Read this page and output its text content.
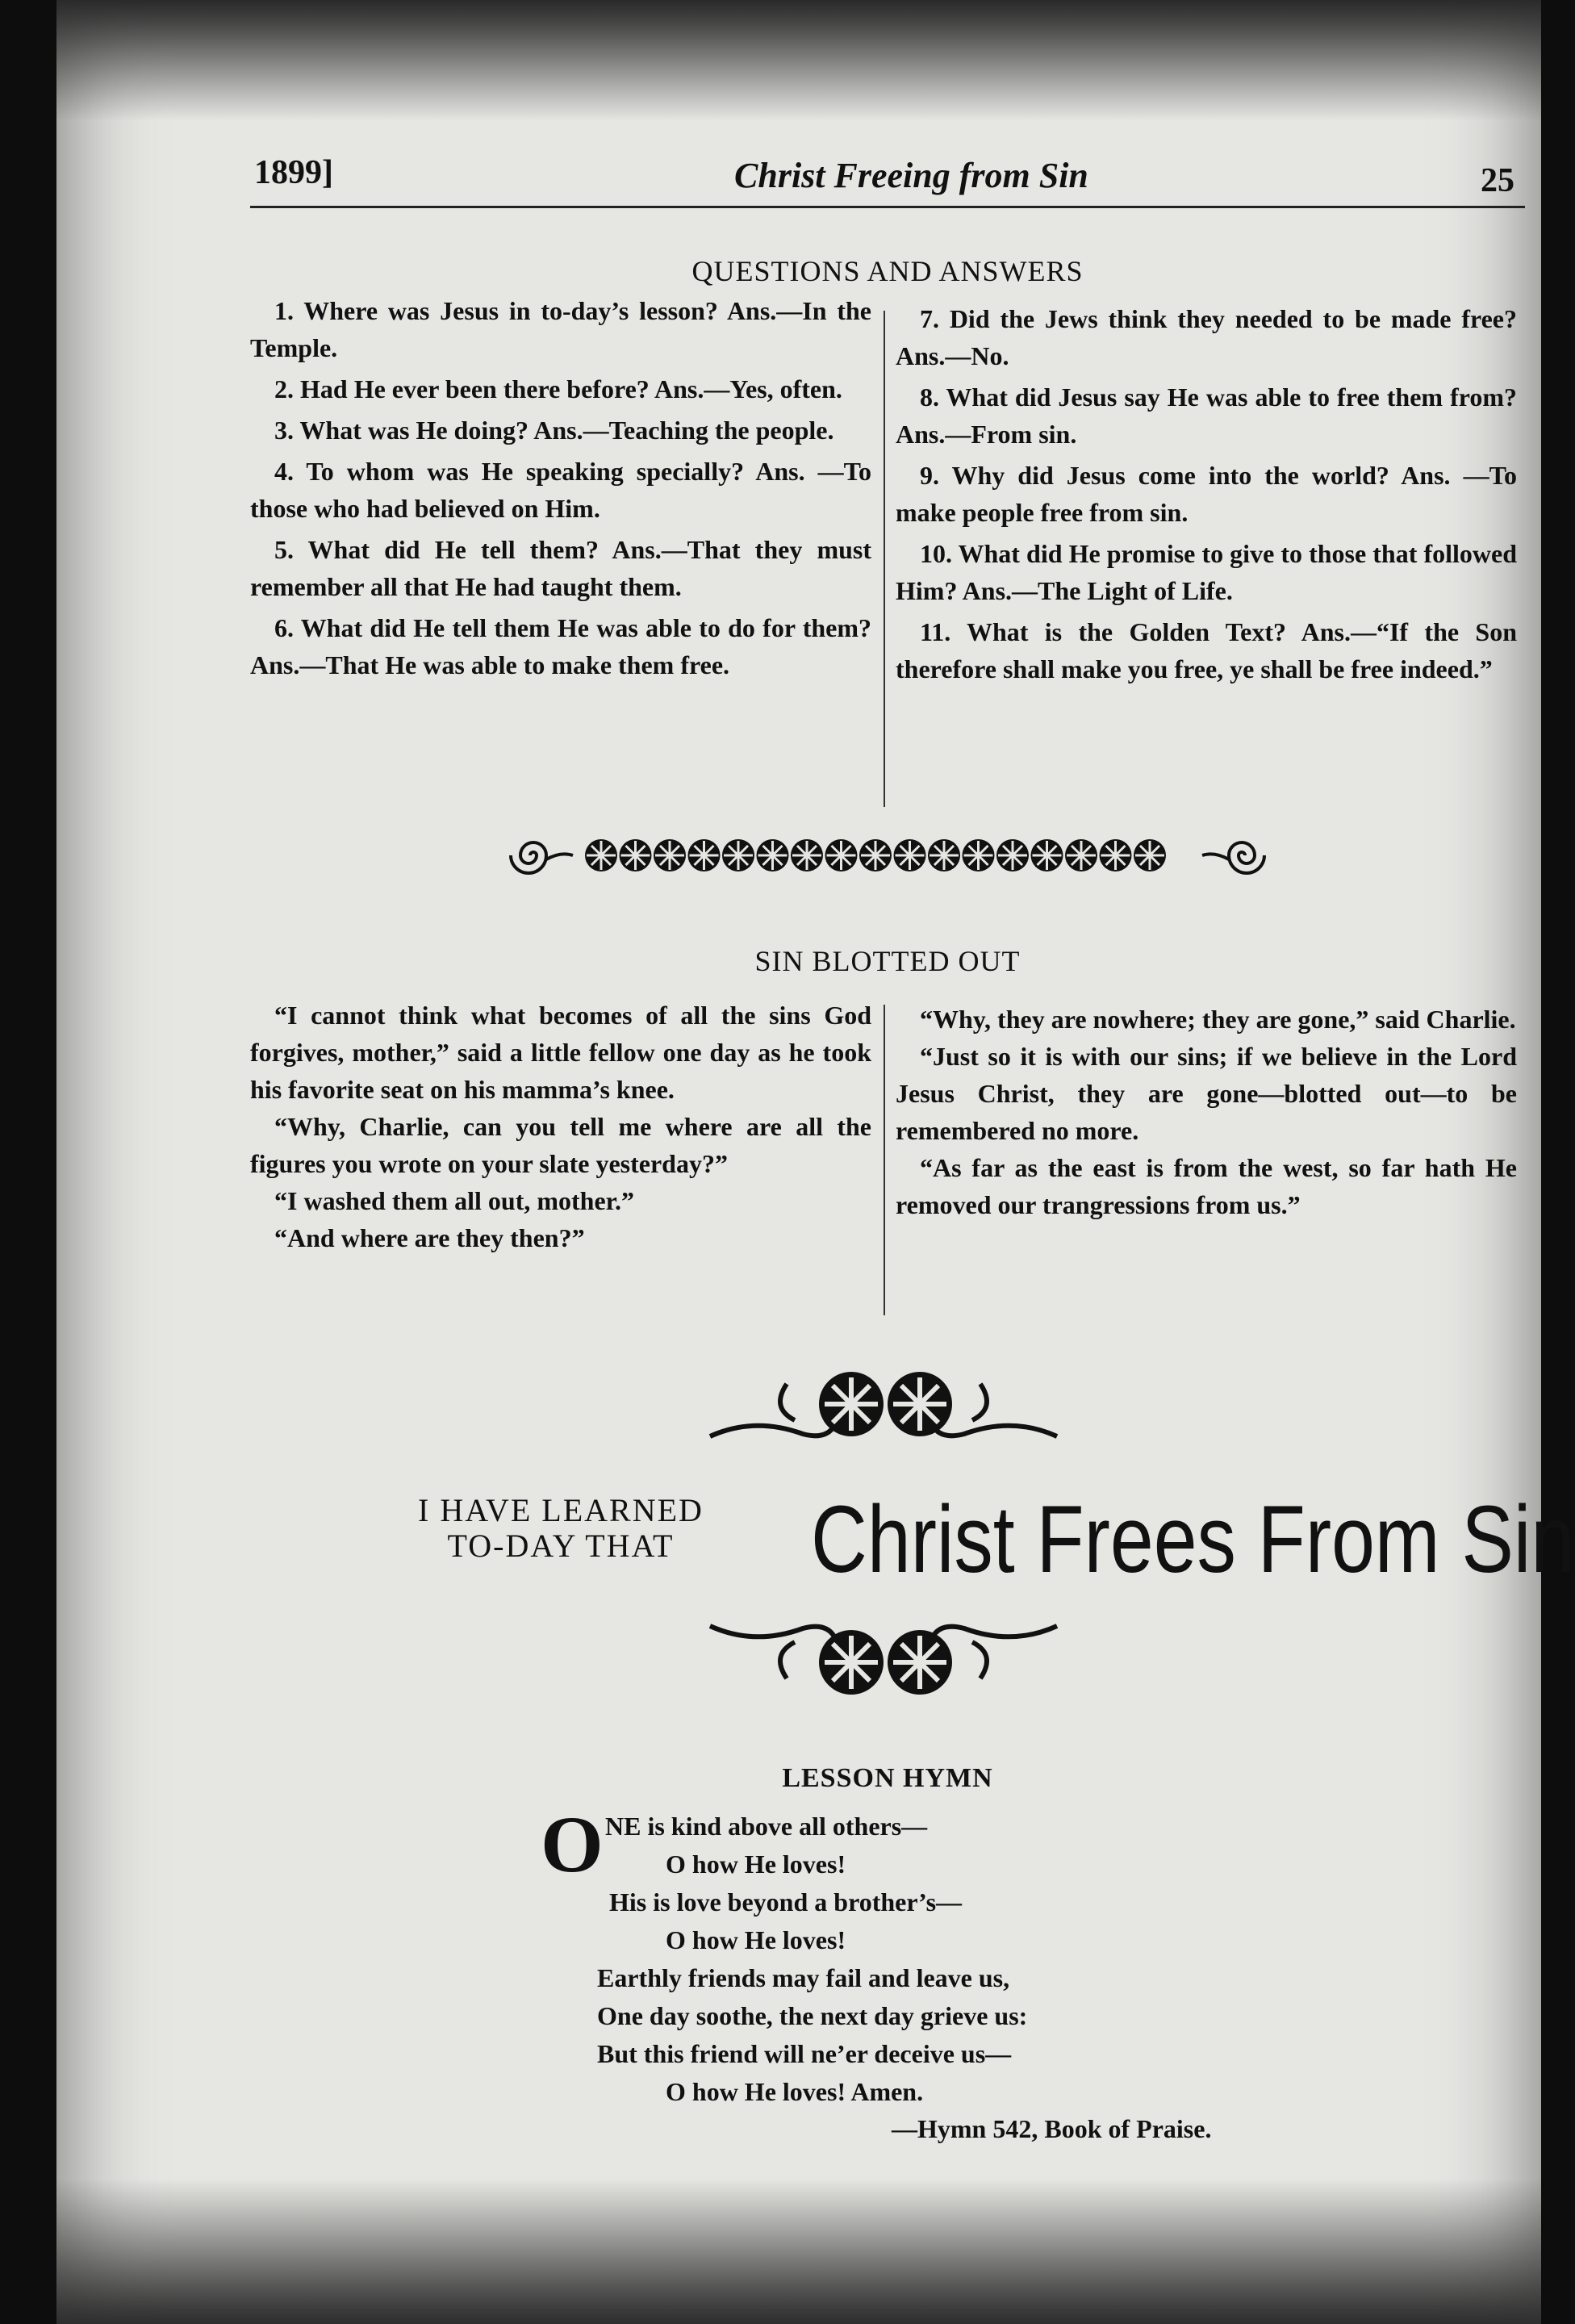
1899]	Christ Freeing from Sin	25
QUESTIONS AND ANSWERS

1. Where was Jesus in to-day’s lesson? Ans.—In the Temple.

2. Had He ever been there before? Ans.—Yes, often.

3. What was He doing? Ans.—Teaching the people.

4. To whom was He speaking specially? Ans. —To those who had believed on Him.

5. What did He tell them? Ans.—That they must remember all that He had taught them.

6. What did He tell them He was able to do for them? Ans.—That He was able to make them free.

7. Did the Jews think they needed to be made free? Ans.—No.

8. What did Jesus say He was able to free them from? Ans.—From sin.

9. Why did Jesus come into the world? Ans. —To make people free from sin.

10. What did He promise to give to those that followed Him? Ans.—The Light of Life.

11. What is the Golden Text? Ans.—“If the Son therefore shall make you free, ye shall be free indeed.”

SIN BLOTTED OUT

“I cannot think what becomes of all the sins God forgives, mother,” said a little fellow one day as he took his favorite seat on his mamma’s knee.

“Why, Charlie, can you tell me where are all the figures you wrote on your slate yesterday?”

“I washed them all out, mother.”

“And where are they then?”

“Why, they are nowhere; they are gone,” said Charlie.

“Just so it is with our sins; if we believe in the Lord Jesus Christ, they are gone—blotted out—to be remembered no more.

“As far as the east is from the west, so far hath He removed our trangressions from us.”

I HAVE LEARNED
TO-DAY THAT	Christ Frees From Sin
LESSON HYMN
O NE is kind above all others—
O how He loves!
His is love beyond a brother’s—
O how He loves!
Earthly friends may fail and leave us,
One day soothe, the next day grieve us:
But this friend will ne’er deceive us—
O how He loves! Amen.
—Hymn 542, Book of Praise.
